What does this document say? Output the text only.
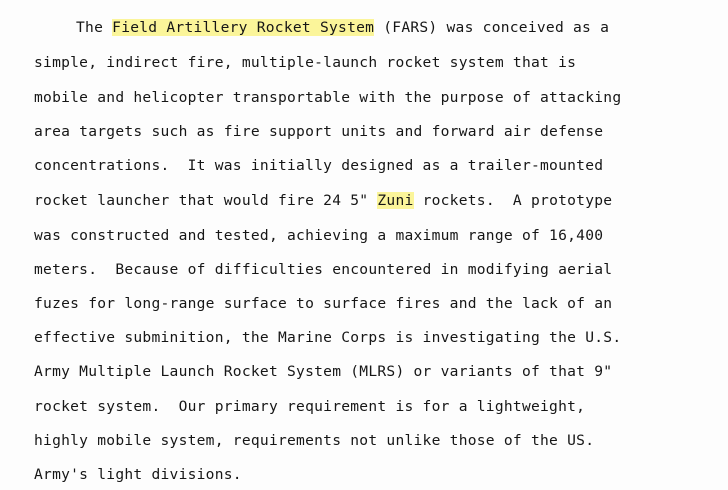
The Field Artillery Rocket System (FARS) was conceived as a

simple, indirect fire, multiple-launch rocket system that is

mobile and helicopter transportable with the purpose of attacking

area targets such as fire support units and forward air defense

concentrations.  It was initially designed as a trailer-mounted

rocket launcher that would fire 24 5" Zuni rockets.  A prototype

was constructed and tested, achieving a maximum range of 16,400

meters.  Because of difficulties encountered in modifying aerial

fuzes for long-range surface to surface fires and the lack of an

effective subminition, the Marine Corps is investigating the U.S.

Army Multiple Launch Rocket System (MLRS) or variants of that 9"

rocket system.  Our primary requirement is for a lightweight,

highly mobile system, requirements not unlike those of the US.

Army's light divisions.
